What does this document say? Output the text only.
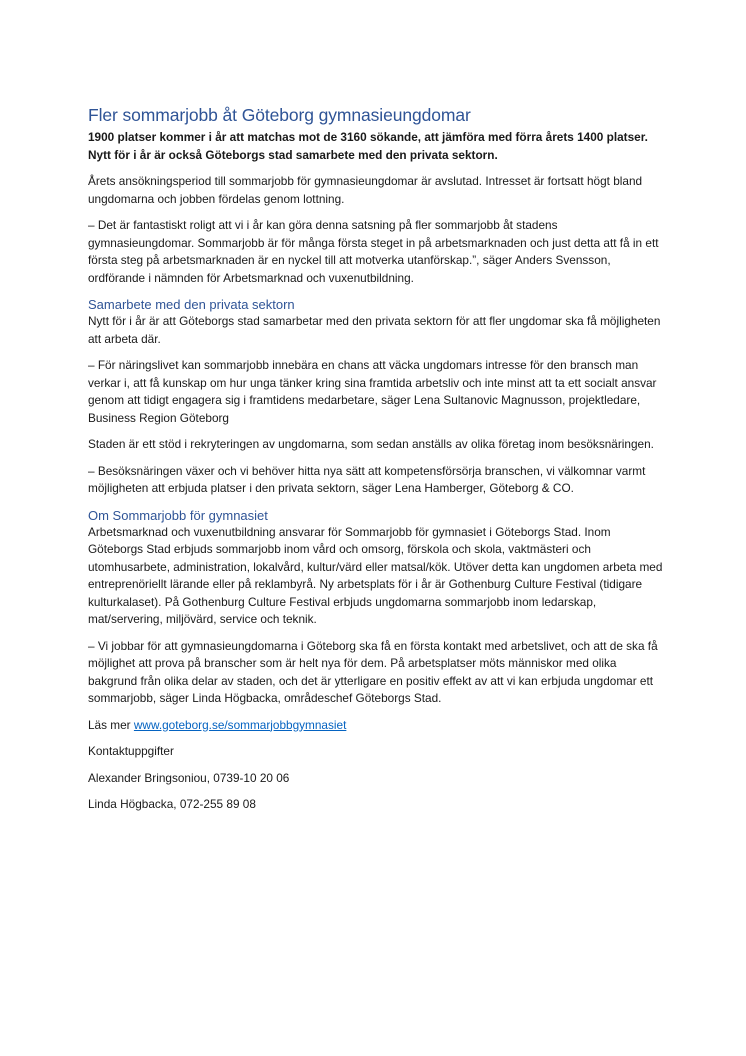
Fler sommarjobb åt Göteborg gymnasieungdomar

1900 platser kommer i år att matchas mot de 3160 sökande, att jämföra med förra årets 1400 platser. Nytt för i år är också Göteborgs stad samarbete med den privata sektorn.

Årets ansökningsperiod till sommarjobb för gymnasieungdomar är avslutad. Intresset är fortsatt högt bland ungdomarna och jobben fördelas genom lottning.

– Det är fantastiskt roligt att vi i år kan göra denna satsning på fler sommarjobb åt stadens gymnasieungdomar. Sommarjobb är för många första steget in på arbetsmarknaden och just detta att få in ett första steg på arbetsmarknaden är en nyckel till att motverka utanförskap.”, säger Anders Svensson, ordförande i nämnden för Arbetsmarknad och vuxenutbildning.

Samarbete med den privata sektorn

Nytt för i år är att Göteborgs stad samarbetar med den privata sektorn för att fler ungdomar ska få möjligheten att arbeta där.

– För näringslivet kan sommarjobb innebära en chans att väcka ungdomars intresse för den bransch man verkar i, att få kunskap om hur unga tänker kring sina framtida arbetsliv och inte minst att ta ett socialt ansvar genom att tidigt engagera sig i framtidens medarbetare, säger Lena Sultanovic Magnusson, projektledare, Business Region Göteborg

Staden är ett stöd i rekryteringen av ungdomarna, som sedan anställs av olika företag inom besöksnäringen.

– Besöksnäringen växer och vi behöver hitta nya sätt att kompetensförsörja branschen, vi välkomnar varmt möjligheten att erbjuda platser i den privata sektorn, säger Lena Hamberger, Göteborg & CO.

Om Sommarjobb för gymnasiet

Arbetsmarknad och vuxenutbildning ansvarar för Sommarjobb för gymnasiet i Göteborgs Stad. Inom Göteborgs Stad erbjuds sommarjobb inom vård och omsorg, förskola och skola, vaktmästeri och utomhusarbete, administration, lokalvård, kultur/värd eller matsal/kök. Utöver detta kan ungdomen arbeta med entreprenöriellt lärande eller på reklambyrå. Ny arbetsplats för i år är Gothenburg Culture Festival (tidigare kulturkalaset). På Gothenburg Culture Festival erbjuds ungdomarna sommarjobb inom ledarskap, mat/servering, miljövärd, service och teknik.

– Vi jobbar för att gymnasieungdomarna i Göteborg ska få en första kontakt med arbetslivet, och att de ska få möjlighet att prova på branscher som är helt nya för dem. På arbetsplatser möts människor med olika bakgrund från olika delar av staden, och det är ytterligare en positiv effekt av att vi kan erbjuda ungdomar ett sommarjobb, säger Linda Högbacka, områdeschef Göteborgs Stad.

Läs mer www.goteborg.se/sommarjobbgymnasiet

Kontaktuppgifter

Alexander Bringsoniou, 0739-10 20 06

Linda Högbacka, 072-255 89 08
